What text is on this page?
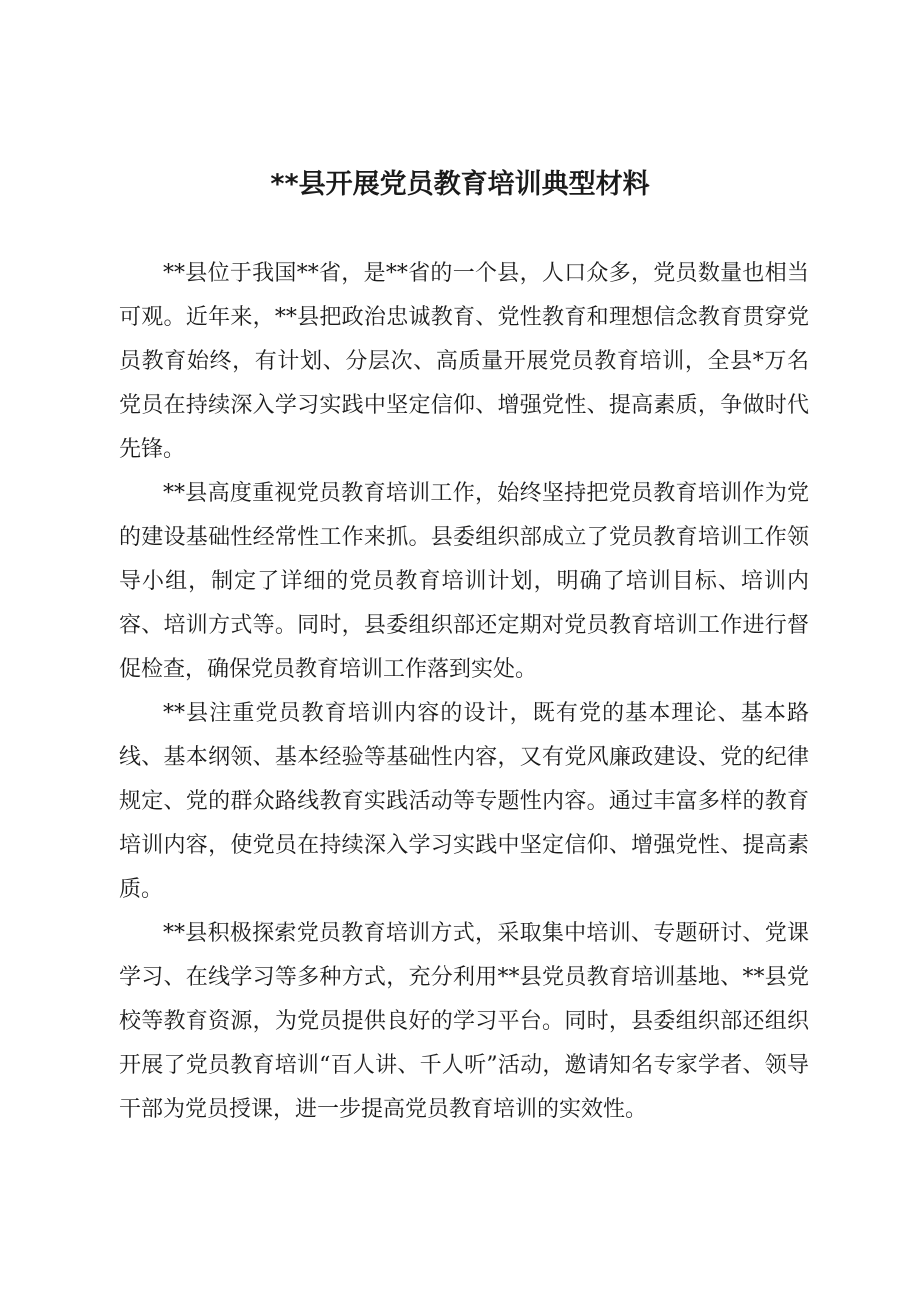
**县开展党员教育培训典型材料

**县位于我国**省，是**省的一个县，人口众多，党员数量也相当可观。近年来，**县把政治忠诚教育、党性教育和理想信念教育贯穿党员教育始终，有计划、分层次、高质量开展党员教育培训，全县*万名党员在持续深入学习实践中坚定信仰、增强党性、提高素质，争做时代先锋。

**县高度重视党员教育培训工作，始终坚持把党员教育培训作为党的建设基础性经常性工作来抓。县委组织部成立了党员教育培训工作领导小组，制定了详细的党员教育培训计划，明确了培训目标、培训内容、培训方式等。同时，县委组织部还定期对党员教育培训工作进行督促检查，确保党员教育培训工作落到实处。

**县注重党员教育培训内容的设计，既有党的基本理论、基本路线、基本纲领、基本经验等基础性内容，又有党风廉政建设、党的纪律规定、党的群众路线教育实践活动等专题性内容。通过丰富多样的教育培训内容，使党员在持续深入学习实践中坚定信仰、增强党性、提高素质。

**县积极探索党员教育培训方式，采取集中培训、专题研讨、党课学习、在线学习等多种方式，充分利用**县党员教育培训基地、**县党校等教育资源，为党员提供良好的学习平台。同时，县委组织部还组织开展了党员教育培训“百人讲、千人听”活动，邀请知名专家学者、领导干部为党员授课，进一步提高党员教育培训的实效性。
